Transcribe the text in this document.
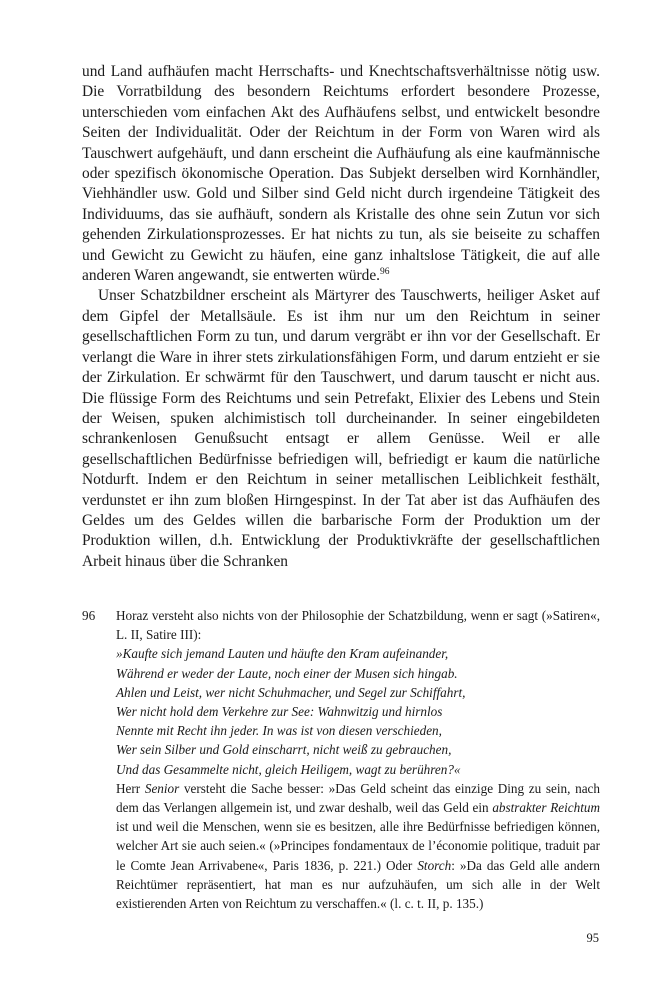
und Land aufhäufen macht Herrschafts- und Knechtschaftsverhältnisse nötig usw. Die Vorratbildung des besondern Reichtums erfordert besondere Prozesse, unterschieden vom einfachen Akt des Aufhäufens selbst, und entwickelt besondre Seiten der Individualität. Oder der Reichtum in der Form von Waren wird als Tauschwert aufgehäuft, und dann erscheint die Aufhäufung als eine kaufmännische oder spezifisch ökonomische Operation. Das Subjekt derselben wird Kornhändler, Viehhändler usw. Gold und Silber sind Geld nicht durch irgendeine Tätigkeit des Individuums, das sie aufhäuft, sondern als Kristalle des ohne sein Zutun vor sich gehenden Zirkulationsprozesses. Er hat nichts zu tun, als sie beiseite zu schaffen und Gewicht zu Gewicht zu häufen, eine ganz inhaltslose Tätigkeit, die auf alle anderen Waren angewandt, sie entwerten würde.$^{96}$

Unser Schatzbildner erscheint als Märtyrer des Tauschwerts, heiliger Asket auf dem Gipfel der Metallsäule. Es ist ihm nur um den Reichtum in seiner gesellschaftlichen Form zu tun, und darum vergräbt er ihn vor der Gesellschaft. Er verlangt die Ware in ihrer stets zirkulationsfähigen Form, und darum entzieht er sie der Zirkulation. Er schwärmt für den Tauschwert, und darum tauscht er nicht aus. Die flüssige Form des Reichtums und sein Petrefakt, Elixier des Lebens und Stein der Weisen, spuken alchimistisch toll durcheinander. In seiner eingebildeten schrankenlosen Genußsucht entsagt er allem Genüsse. Weil er alle gesellschaftlichen Bedürfnisse befriedigen will, befriedigt er kaum die natürliche Notdurft. Indem er den Reichtum in seiner metallischen Leiblichkeit festhält, verdunstet er ihn zum bloßen Hirngespinst. In der Tat aber ist das Aufhäufen des Geldes um des Geldes willen die barbarische Form der Produktion um der Produktion willen, d.h. Entwicklung der Produktivkräfte der gesellschaftlichen Arbeit hinaus über die Schranken

96	Horaz versteht also nichts von der Philosophie der Schatzbildung, wenn er sagt (»Satiren«, L. II, Satire III):

»Kaufte sich jemand Lauten und häufte den Kram aufeinander,
Während er weder der Laute, noch einer der Musen sich hingab.
Ahlen und Leist, wer nicht Schuhmacher, und Segel zur Schiffahrt,
Wer nicht hold dem Verkehre zur See: Wahnwitzig und hirnlos
Nennte mit Recht ihn jeder. In was ist von diesen verschieden,
Wer sein Silber und Gold einscharrt, nicht weiß zu gebrauchen,
Und das Gesammelte nicht, gleich Heiligem, wagt zu berühren?«

Herr Senior versteht die Sache besser: »Das Geld scheint das einzige Ding zu sein, nach dem das Verlangen allgemein ist, und zwar deshalb, weil das Geld ein abstrakter Reichtum ist und weil die Menschen, wenn sie es besitzen, alle ihre Bedürfnisse befriedigen können, welcher Art sie auch seien.« (»Principes fondamentaux de l’économie politique, traduit par le Comte Jean Arrivabene«, Paris 1836, p. 221.) Oder Storch: »Da das Geld alle andern Reichtümer repräsentiert, hat man es nur aufzuhäufen, um sich alle in der Welt existierenden Arten von Reichtum zu verschaffen.« (l. c. t. II, p. 135.)

95
